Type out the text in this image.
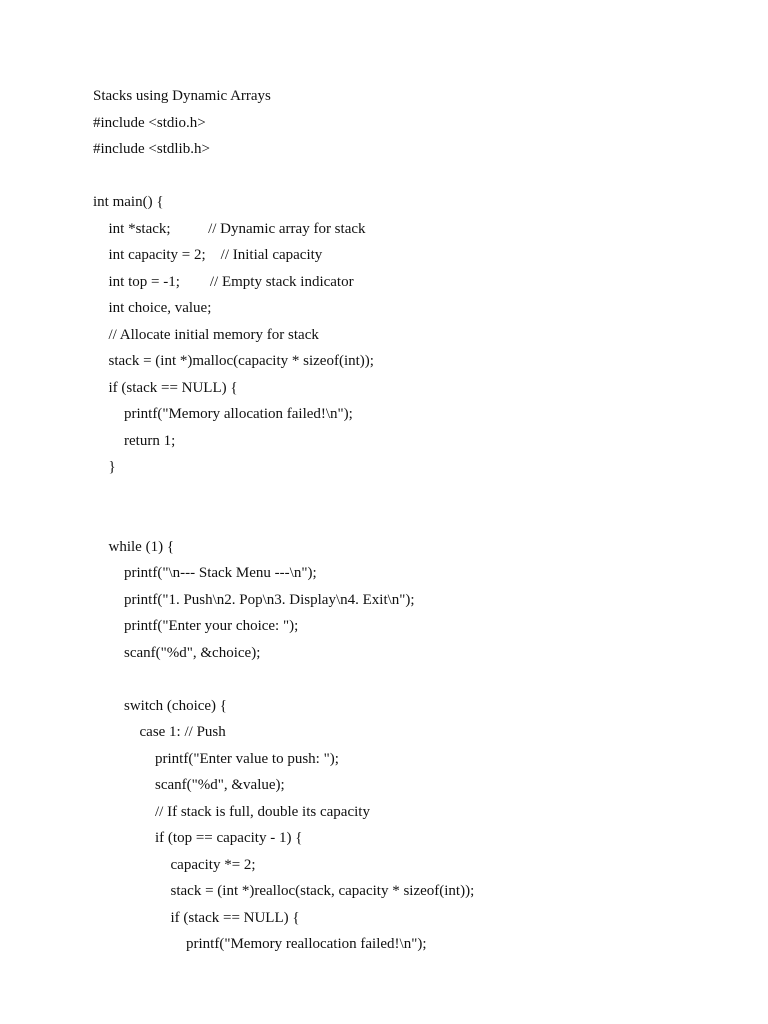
Stacks using Dynamic Arrays
#include <stdio.h>
#include <stdlib.h>
int main() {
int *stack;          // Dynamic array for stack
int capacity = 2;    // Initial capacity
int top = -1;        // Empty stack indicator
int choice, value;
// Allocate initial memory for stack
stack = (int *)malloc(capacity * sizeof(int));
if (stack == NULL) {
printf("Memory allocation failed!\n");
return 1;
}
while (1) {
printf("\n--- Stack Menu ---\n");
printf("1. Push\n2. Pop\n3. Display\n4. Exit\n");
printf("Enter your choice: ");
scanf("%d", &choice);
switch (choice) {
case 1: // Push
printf("Enter value to push: ");
scanf("%d", &value);
// If stack is full, double its capacity
if (top == capacity - 1) {
capacity *= 2;
stack = (int *)realloc(stack, capacity * sizeof(int));
if (stack == NULL) {
printf("Memory reallocation failed!\n");
